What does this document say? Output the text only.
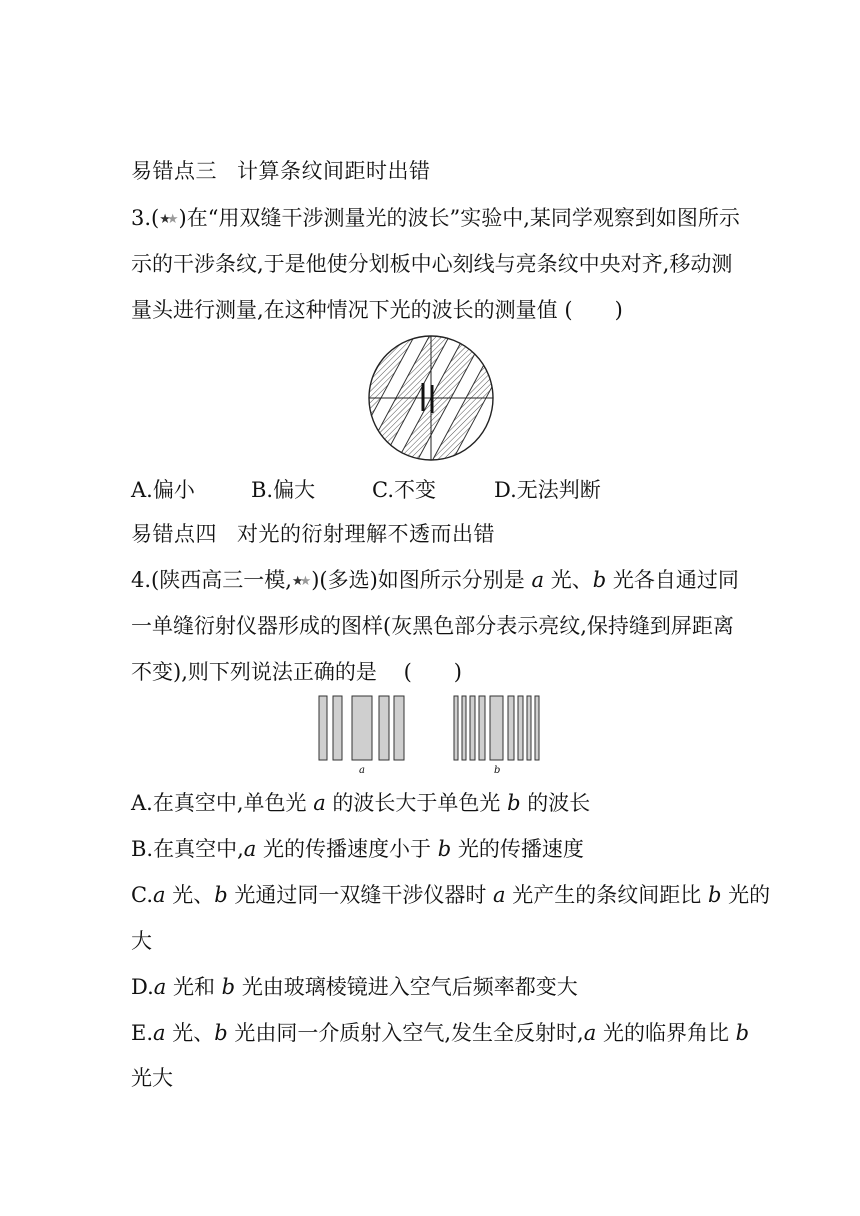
易错点三 计算条纹间距时出错
3.(★★ )在“用双缝干涉测量光的波长”实验中,某同学观察到如图所示
示的干涉条纹,于是他使分划板中心刻线与亮条纹中央对齐,移动测
量头进行测量,在这种情况下光的波长的测量值 (　　)
A.偏小	B.偏大	C.不变	D.无法判断
易错点四 对光的衍射理解不透而出错
4.(陕西高三一模,★★ )(多选)如图所示分别是 a 光、b 光各自通过同
一单缝衍射仪器形成的图样(灰黑色部分表示亮纹,保持缝到屏距离
不变),则下列说法正确的是 (　　)
a	b
A.在真空中,单色光 a 的波长大于单色光 b 的波长
B.在真空中,a 光的传播速度小于 b 光的传播速度
C.a 光、b 光通过同一双缝干涉仪器时 a 光产生的条纹间距比 b 光的
大
D.a 光和 b 光由玻璃棱镜进入空气后频率都变大
E.a 光、b 光由同一介质射入空气,发生全反射时,a 光的临界角比 b
光大
